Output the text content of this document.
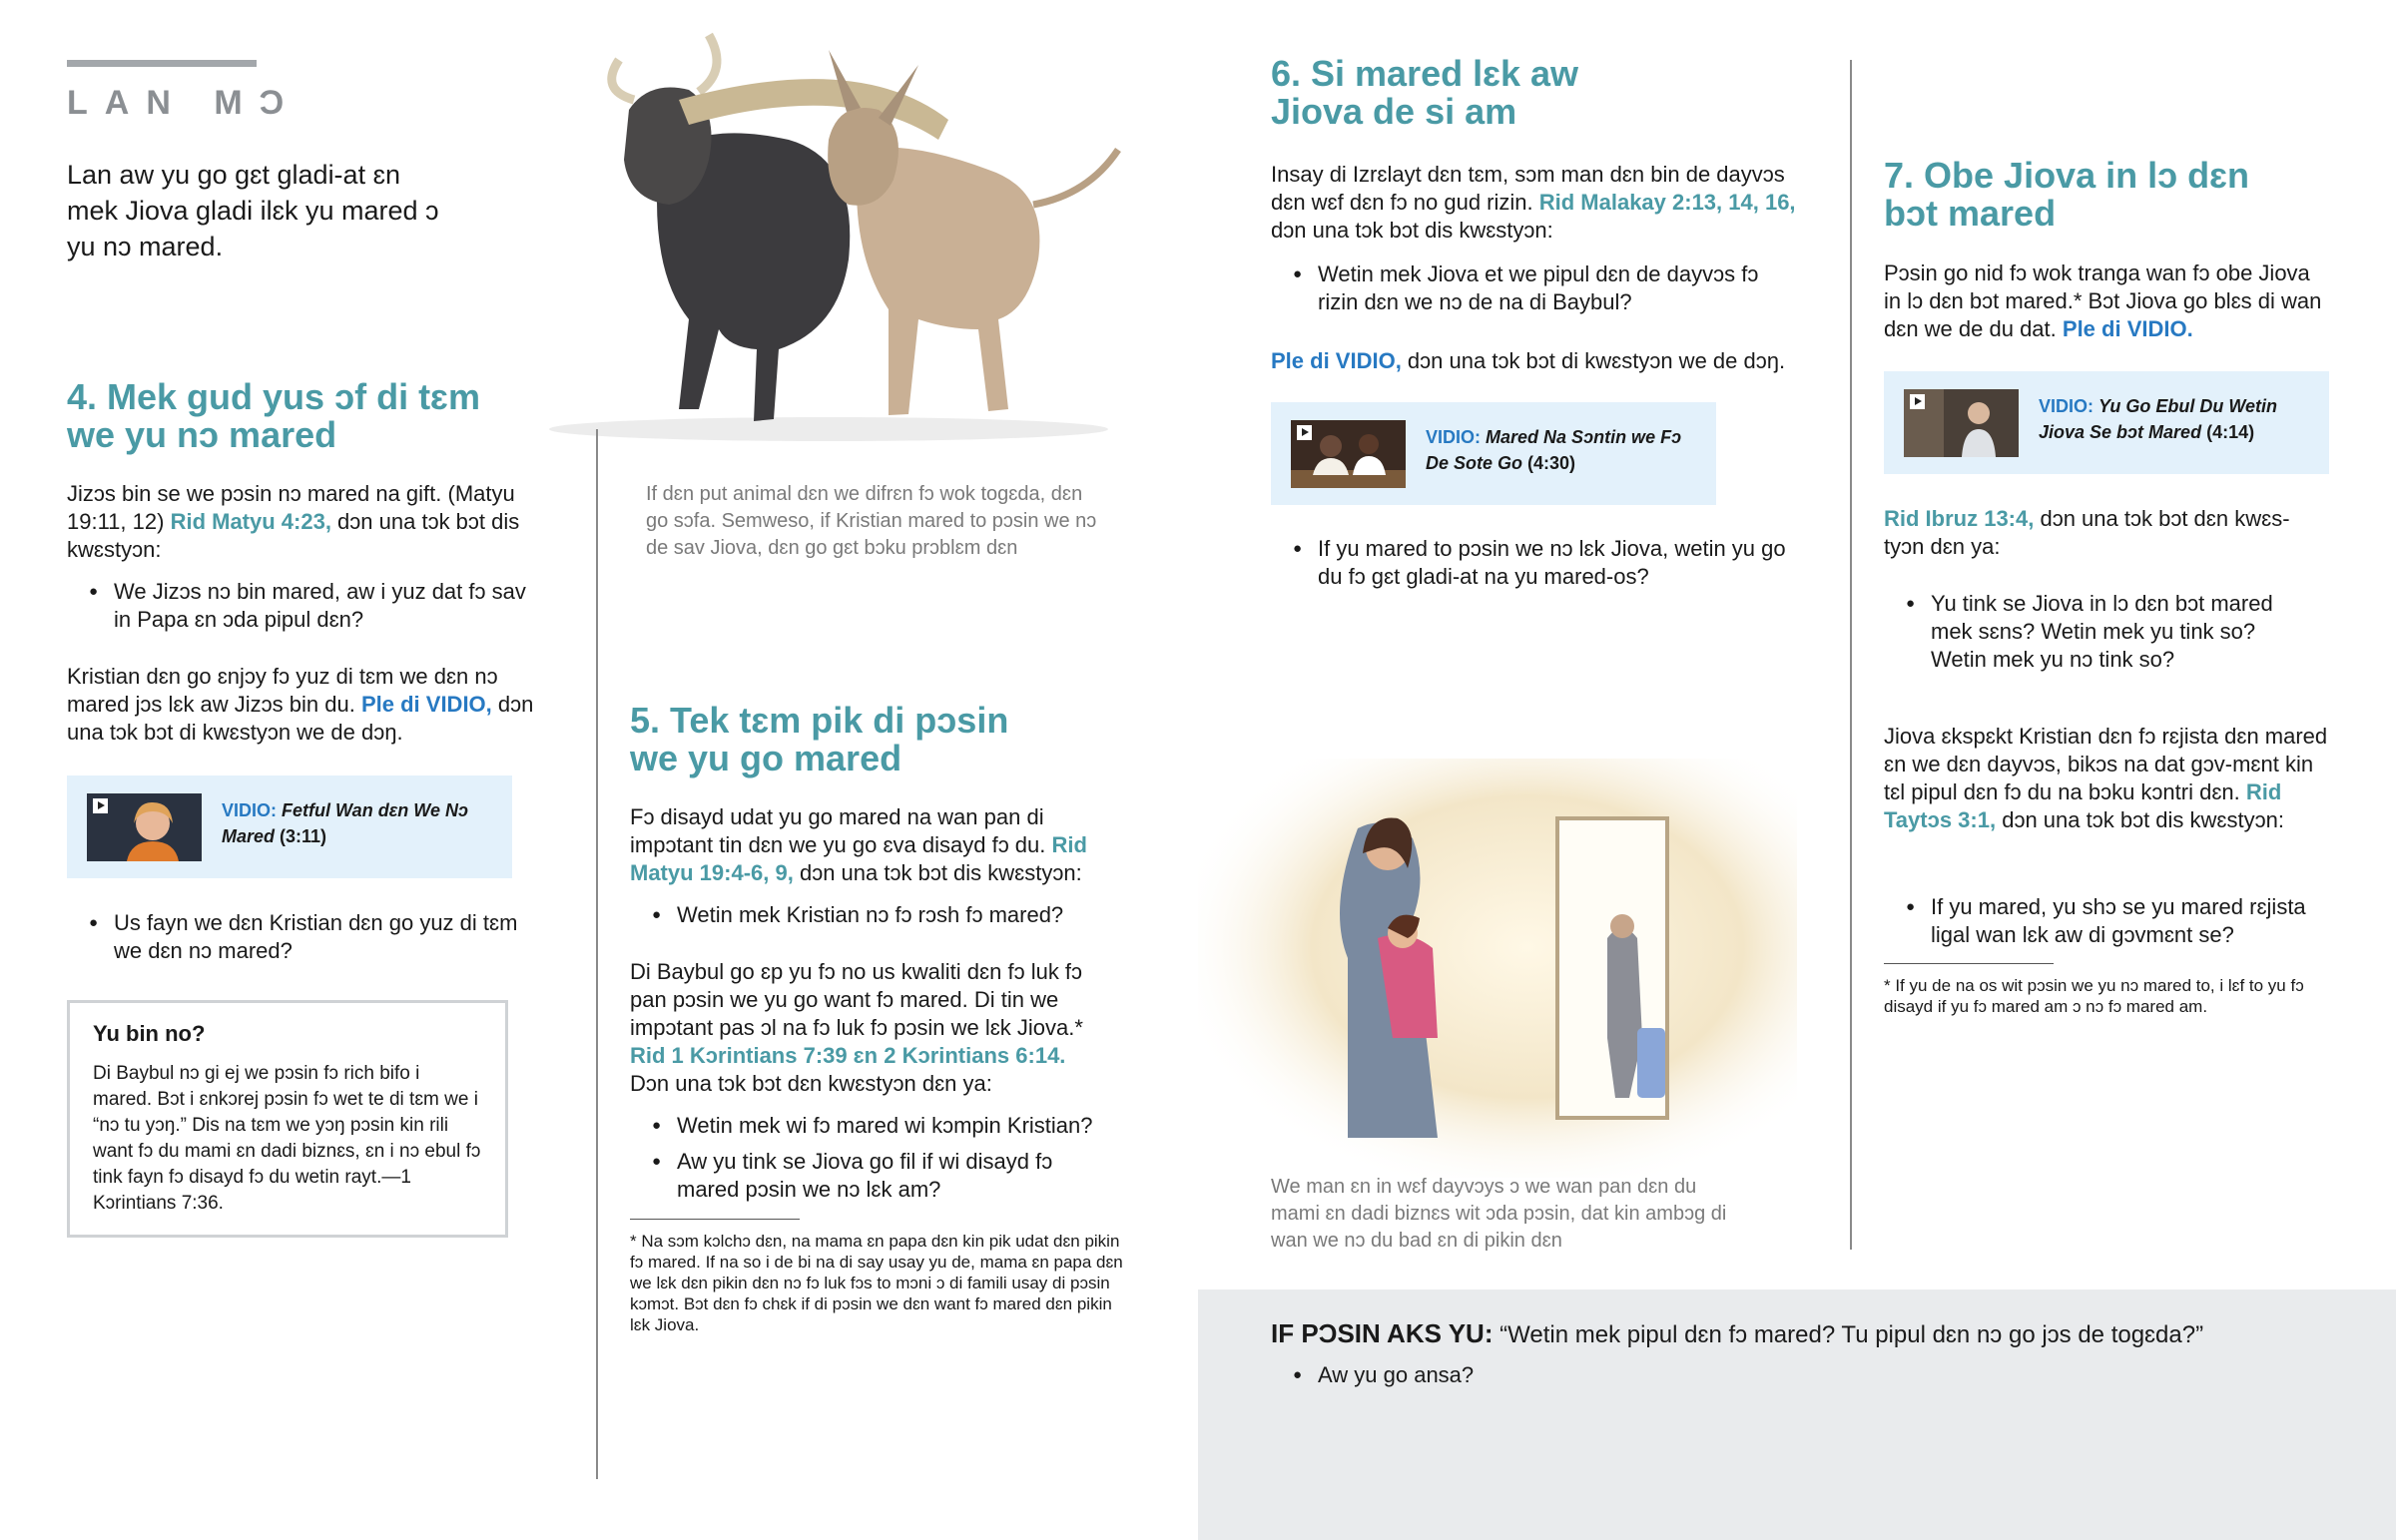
LAN MƆ
Lan aw yu go gɛt gladi-at ɛn mek Jiova gladi ilɛk yu mared ɔ yu nɔ mared.
4. Mek gud yus ɔf di tɛm
we yu nɔ mared
Jizɔs bin se we pɔsin nɔ mared na gift. (Matyu 19:11, 12) Rid Matyu 4:23, dɔn una tɔk bɔt dis kwɛstyɔn:
● We Jizɔs nɔ bin mared, aw i yuz dat fɔ sav in Papa ɛn ɔda pipul dɛn?
Kristian dɛn go ɛnjɔy fɔ yuz di tɛm we dɛn nɔ mared jɔs lɛk aw Jizɔs bin du. Ple di VIDIO, dɔn una tɔk bɔt di kwɛstyɔn we de dɔŋ.
VIDIO: Fetful Wan dɛn We Nɔ Mared (3:11)
● Us fayn we dɛn Kristian dɛn go yuz di tɛm we dɛn nɔ mared?
Yu bin no?
Di Baybul nɔ gi ej we pɔsin fɔ rich bifo i mared. Bɔt i ɛnkɔrej pɔsin fɔ wet te di tɛm we i “nɔ tu yɔŋ.” Dis na tɛm we yɔŋ pɔsin kin rili want fɔ du mami ɛn dadi biznɛs, ɛn i nɔ ebul fɔ tink fayn fɔ disayd fɔ du wetin rayt.—1 Kɔrintians 7:36.
If dɛn put animal dɛn we difrɛn fɔ wok togɛda, dɛn go sɔfa. Semweso, if Kristian mared to pɔsin we nɔ de sav Jiova, dɛn go gɛt bɔku prɔblɛm dɛn
5. Tek tɛm pik di pɔsin
we yu go mared
Fɔ disayd udat yu go mared na wan pan di impɔtant tin dɛn we yu go ɛva disayd fɔ du. Rid Matyu 19:4-6, 9, dɔn una tɔk bɔt dis kwɛstyɔn:
● Wetin mek Kristian nɔ fɔ rɔsh fɔ mared?
Di Baybul go ɛp yu fɔ no us kwaliti dɛn fɔ luk fɔ pan pɔsin we yu go want fɔ mared. Di tin we impɔtant pas ɔl na fɔ luk fɔ pɔsin we lɛk Jiova.*
Rid 1 Kɔrintians 7:39 ɛn 2 Kɔrintians 6:14.
Dɔn una tɔk bɔt dɛn kwɛstyɔn dɛn ya:
● Wetin mek wi fɔ mared wi kɔmpin Kristian?
● Aw yu tink se Jiova go fil if wi disayd fɔ mared pɔsin we nɔ lɛk am?
* Na sɔm kɔlchɔ dɛn, na mama ɛn papa dɛn kin pik udat dɛn pikin fɔ mared. If na so i de bi na di say usay yu de, mama ɛn papa dɛn we lɛk dɛn pikin dɛn nɔ fɔ luk fɔs to mɔni ɔ di famili usay di pɔsin kɔmɔt. Bɔt dɛn fɔ chɛk if di pɔsin we dɛn want fɔ mared dɛn pikin lɛk Jiova.
6. Si mared lɛk aw
Jiova de si am
Insay di Izrɛlayt dɛn tɛm, sɔm man dɛn bin de dayvɔs dɛn wɛf dɛn fɔ no gud rizin. Rid Malakay 2:13, 14, 16, dɔn una tɔk bɔt dis kwɛstyɔn:
● Wetin mek Jiova et we pipul dɛn de dayvɔs fɔ rizin dɛn we nɔ de na di Baybul?
Ple di VIDIO, dɔn una tɔk bɔt di kwɛstyɔn we de dɔŋ.
VIDIO: Mared Na Sɔntin we Fɔ De Sote Go (4:30)
● If yu mared to pɔsin we nɔ lɛk Jiova, wetin yu go du fɔ gɛt gladi-at na yu mared-os?
We man ɛn in wɛf dayvɔys ɔ we wan pan dɛn du mami ɛn dadi biznɛs wit ɔda pɔsin, dat kin ambɔg di wan we nɔ du bad ɛn di pikin dɛn
7. Obe Jiova in lɔ dɛn
bɔt mared
Pɔsin go nid fɔ wok tranga wan fɔ obe Jiova in lɔ dɛn bɔt mared.* Bɔt Jiova go blɛs di wan dɛn we de du dat. Ple di VIDIO.
VIDIO: Yu Go Ebul Du Wetin Jiova Se bɔt Mared (4:14)
Rid Ibruz 13:4, dɔn una tɔk bɔt dɛn kwɛs-tyɔn dɛn ya:
● Yu tink se Jiova in lɔ dɛn bɔt mared mek sɛns? Wetin mek yu tink so? Wetin mek yu nɔ tink so?
Jiova ɛkspɛkt Kristian dɛn fɔ rɛjista dɛn mared ɛn we dɛn dayvɔs, bikɔs na dat gɔv-mɛnt kin tɛl pipul dɛn fɔ du na bɔku kɔntri dɛn. Rid Taytɔs 3:1, dɔn una tɔk bɔt dis kwɛstyɔn:
● If yu mared, yu shɔ se yu mared rɛjista ligal wan lɛk aw di gɔvmɛnt se?
* If yu de na os wit pɔsin we yu nɔ mared to, i lɛf to yu fɔ disayd if yu fɔ mared am ɔ nɔ fɔ mared am.
IF PƆSIN AKS YU: “Wetin mek pipul dɛn fɔ mared? Tu pipul dɛn nɔ go jɔs de togɛda?”
● Aw yu go ansa?
